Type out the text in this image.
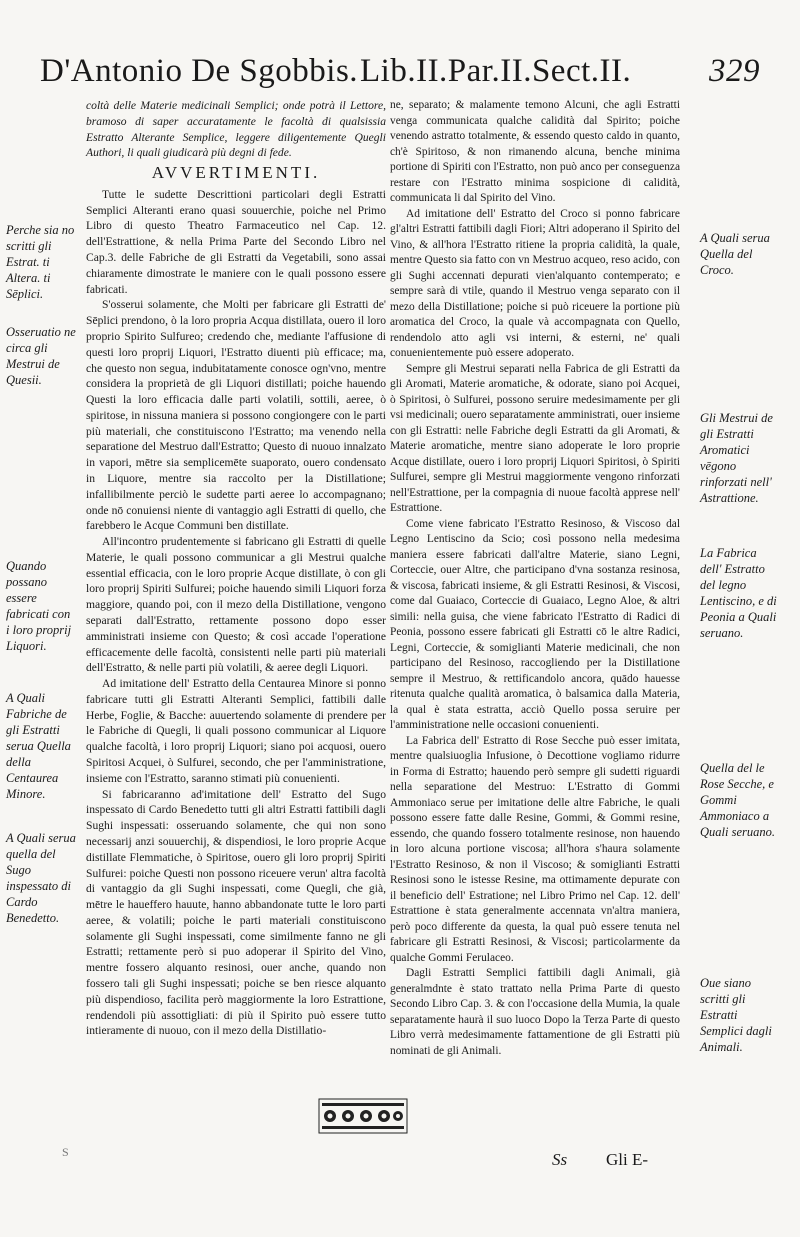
D'Antonio De Sgobbis. Lib.II.Par.II.Sect.II. 329

coltà delle Materie medicinali Semplici; onde potrà il Lettore, bramoso di saper accuratamente le facoltà di qualsissia Estratto Alterante Semplice, leggere diligentemente Quegli Authori, li quali giudicarà più degni di fede.

AVVERTIMENTI.

Tutte le sudette Descrittioni particolari degli Estratti Semplici Alteranti erano quasi souuerchie, poiche nel Primo Libro di questo Theatro Farmaceutico nel Cap. 12. dell'Estrattione, & nella Prima Parte del Secondo Libro nel Cap.3. delle Fabriche de gli Estratti da Vegetabili, sono assai chiaramente dimostrate le maniere con le quali possono essere fabricati.

S'osserui solamente, che Molti per fabricare gli Estratti de' Sēplici prendono, ò la loro propria Acqua distillata, ouero il loro proprio Spirito Sulfureo; credendo che, mediante l'affusione di questi loro proprij Liquori, l'Estratto diuenti più efficace; ma, che questo non segua, indubitatamente conosce ogn'vno, mentre considera la proprietà de gli Liquori distillati; poiche hauendo Questi la loro efficacia dalle parti volatili, sottili, aeree, ò spiritose, in nissuna maniera si possono congiongere con le parti più materiali, che constituiscono l'Estratto; ma venendo nella separatione del Mestruo dall'Estratto; Questo di nuouo innalzato in vapori, mētre sia semplicemēte suaporato, ouero condensato in Liquore, mentre sia raccolto per la Distillatione; infallibilmente perciò le sudette parti aeree lo accompagnano; onde nō conuiensi niente di vantaggio agli Estratti di quello, che farebbero le Acque Communi ben distillate.

All'incontro prudentemente si fabricano gli Estratti di quelle Materie, le quali possono communicar a gli Mestrui qualche essential efficacia, con le loro proprie Acque distillate, ò con gli loro proprij Spiriti Sulfurei; poiche hauendo simili Liquori forza maggiore, quando poi, con il mezo della Distillatione, vengono separati dall'Estratto, rettamente possono dopo esser amministrati insieme con Questo; & così accade l'operatione efficacemente delle facoltà, consistenti nelle parti più materiali dell'Estratto, & nelle parti più volatili, & aeree degli Liquori.

Ad imitatione dell' Estratto della Centaurea Minore si ponno fabricare tutti gli Estratti Alteranti Semplici, fattibili dalle Herbe, Foglie, & Bacche: auuertendo solamente di prendere per le Fabriche di Quegli, li quali possono communicar al Liquore qualche facoltà, i loro proprij Liquori; siano poi acquosi, ouero Spiritosi Acquei, ò Sulfurei, secondo, che per l'amministratione, insieme con l'Estratto, saranno stimati più conuenienti.

Si fabricaranno ad'imitatione dell' Estratto del Sugo inspessato di Cardo Benedetto tutti gli altri Estratti fattibili dagli Sughi inspessati: osseruando solamente, che qui non sono necessarij anzi souuerchij, & dispendiosi, le loro proprie Acque distillate Flemmatiche, ò Spiritose, ouero gli loro proprij Spiriti Sulfurei: poiche Questi non possono riceuere verun' altra facoltà di vantaggio da gli Sughi inspessati, come Quegli, che già, mētre le haueffero hauute, hanno abbandonate tutte le loro parti aeree, & volatili; poiche le parti materiali constituiscono solamente gli Sughi inspessati, come similmente fanno ne gli Estratti; rettamente però si puo adoperar il Spirito del Vino, mentre fossero alquanto resinosi, ouer anche, quando non fossero tali gli Sughi inspessati; poiche se ben riesce alquanto più dispendioso, facilita però maggiormente la loro Estrattione, rendendoli più assottigliati: di più il Spirito può essere tutto intieramente di nuouo, con il mezo della Distillatio-

ne, separato; & malamente temono Alcuni, che agli Estratti venga communicata qualche calidità dal Spirito; poiche venendo astratto totalmente, & essendo questo caldo in quanto, ch'è Spiritoso, & non rimanendo alcuna, benche minima portione di Spiriti con l'Estratto, non può anco per conseguenza restare con l'Estratto minima sospicione di calidità, communicata li dal Spirito del Vino.

Ad imitatione dell' Estratto del Croco si ponno fabricare gl'altri Estratti fattibili dagli Fiori; Altri adoperano il Spirito del Vino, & all'hora l'Estratto ritiene la propria calidità, la quale, mentre Questo sia fatto con vn Mestruo acqueo, reso acido, con gli Sughi accennati depurati vien'alquanto contemperato; e sempre sarà di vtile, quando il Mestruo venga separato con il mezo della Distillatione; poiche si può riceuere la portione più aromatica del Croco, la quale và accompagnata con Quello, rendendolo atto agli vsi interni, & esterni, ne' quali conuenientemente può essere adoperato.

Sempre gli Mestrui separati nella Fabrica de gli Estratti da gli Aromati, Materie aromatiche, & odorate, siano poi Acquei, ò Spiritosi, ò Sulfurei, possono seruire medesimamente per gli vsi medicinali; ouero separatamente amministrati, ouer insieme con gli Estratti: nelle Fabriche degli Estratti da gli Aromati, & Materie aromatiche, mentre siano adoperate le loro proprie Acque distillate, ouero i loro proprij Liquori Spiritosi, ò Spiriti Sulfurei, sempre gli Mestrui maggiormente vengono rinforzati nell'Estrattione, per la compagnia di nuoue facoltà apprese nell' Estrattione.

Come viene fabricato l'Estratto Resinoso, & Viscoso dal Legno Lentiscino da Scio; così possono nella medesima maniera essere fabricati dall'altre Materie, siano Legni, Corteccie, ouer Altre, che participano d'vna sostanza resinosa, & viscosa, fabricati insieme, & gli Estratti Resinosi, & Viscosi, come dal Guaiaco, Corteccie di Guaiaco, Legno Aloe, & altri simili: nella guisa, che viene fabricato l'Estratto di Radici di Peonia, possono essere fabricati gli Estratti cō le altre Radici, Legni, Corteccie, & somiglianti Materie medicinali, che non participano del Resinoso, raccogliendo per la Distillatione sempre il Mestruo, & rettificandolo ancora, quādo hauesse ritenuta qualche qualità aromatica, ò balsamica dalla Materia, la qual è stata estratta, acciò Quello possa seruire per l'amministratione nelle occasioni conuenienti.

La Fabrica dell' Estratto di Rose Secche può esser imitata, mentre qualsiuoglia Infusione, ò Decottione vogliamo ridurre in Forma di Estratto; hauendo però sempre gli sudetti riguardi nella separatione del Mestruo: L'Estratto di Gommi Ammoniaco serue per imitatione delle altre Fabriche, le quali possono essere fatte dalle Resine, Gommi, & Gommi resine, essendo, che quando fossero totalmente resinose, non hauendo in loro alcuna portione viscosa; all'hora s'haura solamente l'Estratto Resinoso, & non il Viscoso; & somiglianti Estratti Resinosi sono le istesse Resine, ma ottimamente depurate con il beneficio dell' Estratione; nel Libro Primo nel Cap. 12. dell' Estrattione è stata generalmente accennata vn'altra maniera, però poco differente da questa, la qual può essere tenuta nel fabricare gli Estratti Resinosi, & Viscosi; particolarmente da qualche Gommi Ferulaceo.

Dagli Estratti Semplici fattibili dagli Animali, già generalmdnte è stato trattato nella Prima Parte di questo Secondo Libro Cap. 3. & con l'occasione della Mumia, la quale separatamente haurà il suo luoco Dopo la Terza Parte di questo Libro verrà medesimamente fattamentione de gli Estratti più nominati de gli Animali.

Perche sia no scritti gli Estrat. ti Altera. ti Sēplici.
Osseruatio ne circa gli Mestrui de Quesii.
Quando possano essere fabricati con i loro proprij Liquori.
A Quali Fabriche de gli Estratti serua Quella della Centaurea Minore.
A Quali serua quella del Sugo inspessato di Cardo Benedetto.
A Quali serua Quella del Croco.
Gli Mestrui de gli Estratti Aromatici vēgono rinforzati nell' Astrattione.
La Fabrica dell' Estratto del legno Lentiscino, e di Peonia a Quali seruano.
Quella del le Rose Secche, e Gommi Ammoniaco a Quali seruano.
Oue siano scritti gli Estratti Semplici dagli Animali.
S	Ss Gli E-
